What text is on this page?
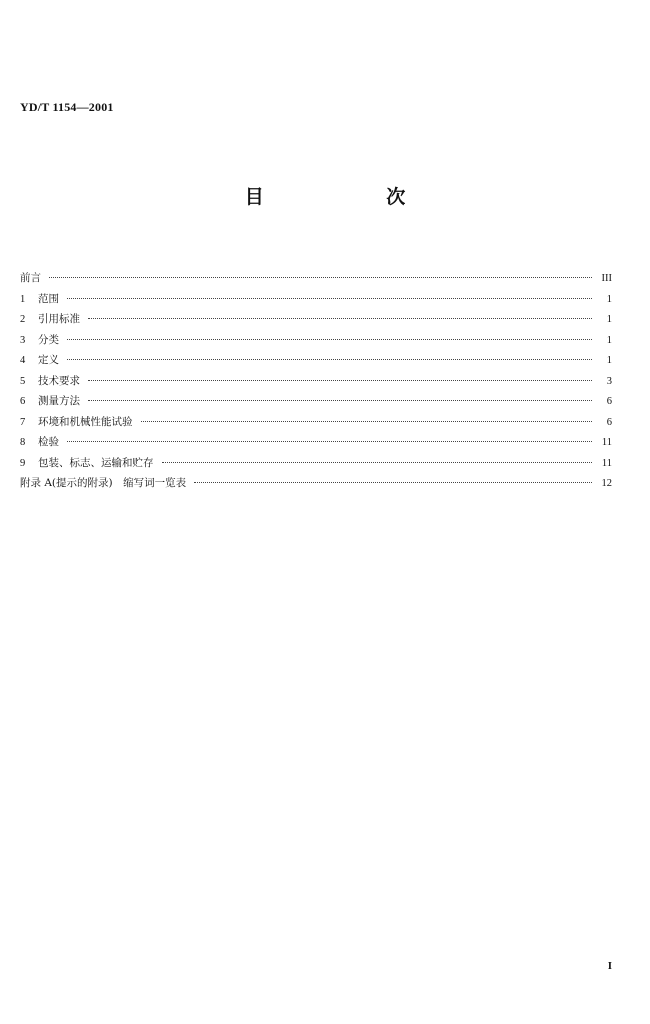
YD/T 1154—2001
目 次
前言	III
1	范围	1
2	引用标准	1
3	分类	1
4	定义	1
5	技术要求	3
6	测量方法	6
7	环境和机械性能试验	6
8	检验	11
9	包装、标志、运输和贮存	11
附录 A(提示的附录)　缩写词一览表	12
I
